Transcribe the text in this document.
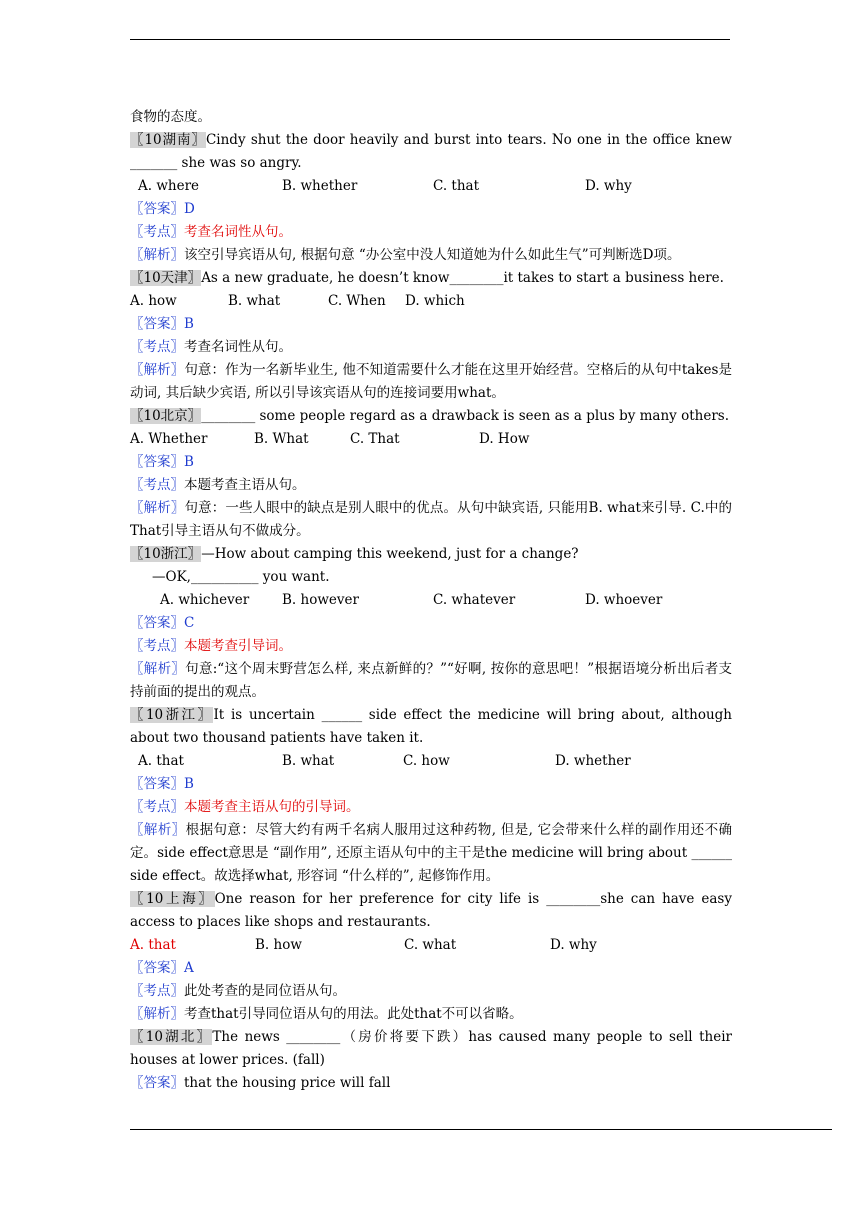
食物的态度。
〖10湖南〗Cindy shut the door heavily and burst into tears. No one in the office knew _______ she was so angry.
A. where	B. whether	C. that	D. why
〖答案〗D
〖考点〗考查名词性从句。
〖解析〗该空引导宾语从句, 根据句意 “办公室中没人知道她为什么如此生气”可判断选D项。
〖10天津〗As a new graduate, he doesn’t know________it takes to start a business here.
A. how	B. what	C. When D. which
〖答案〗B
〖考点〗考查名词性从句。
〖解析〗句意：作为一名新毕业生, 他不知道需要什么才能在这里开始经营。空格后的从句中takes是动词, 其后缺少宾语, 所以引导该宾语从句的连接词要用what。
〖10北京〗________ some people regard as a drawback is seen as a plus by many others.
A. Whether	B. What	C. That	D. How
〖答案〗B
〖考点〗本题考查主语从句。
〖解析〗句意：一些人眼中的缺点是别人眼中的优点。从句中缺宾语, 只能用B. what来引导. C.中的That引导主语从句不做成分。
〖10浙江〗—How about camping this weekend, just for a change?
—OK,__________ you want.
A. whichever B. however	C. whatever	D. whoever
〖答案〗C
〖考点〗本题考查引导词。
〖解析〗句意:“这个周末野营怎么样, 来点新鲜的？”“好啊, 按你的意思吧！”根据语境分析出后者支持前面的提出的观点。
〖10浙江〗It is uncertain ______ side effect the medicine will bring about, although about two thousand patients have taken it.
A. that	B. what	C. how	D. whether
〖答案〗B
〖考点〗本题考查主语从句的引导词。
〖解析〗根据句意：尽管大约有两千名病人服用过这种药物, 但是, 它会带来什么样的副作用还不确定。side effect意思是 “副作用”, 还原主语从句中的主干是the medicine will bring about ______ side effect。故选择what, 形容词 “什么样的”, 起修饰作用。
〖10上海〗One reason for her preference for city life is ________she can have easy access to places like shops and restaurants.
A. that	B. how	C. what	D. why
〖答案〗A
〖考点〗此处考查的是同位语从句。
〖解析〗考查that引导同位语从句的用法。此处that不可以省略。
〖10湖北〗The news ________（房价将要下跌）has caused many people to sell their houses at lower prices. (fall)
〖答案〗that the housing price will fall
